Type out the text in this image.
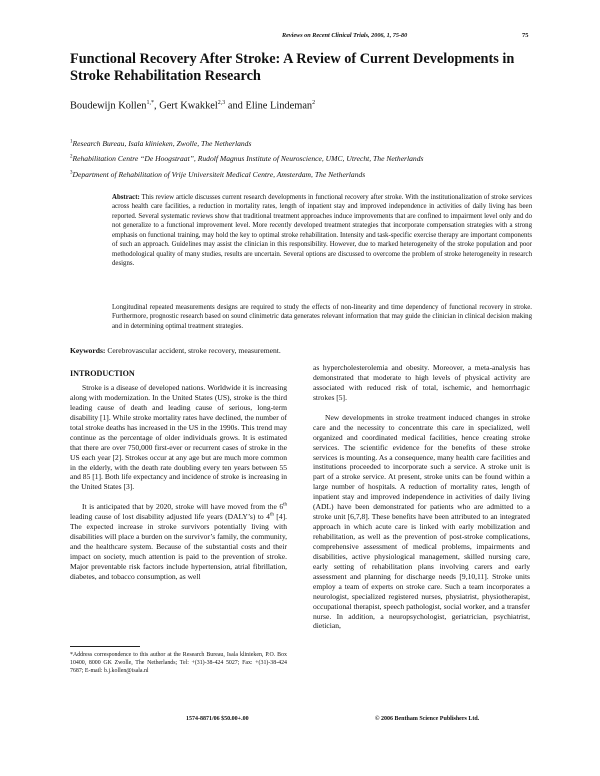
Reviews on Recent Clinical Trials, 2006, 1, 75-80	75
Functional Recovery After Stroke: A Review of Current Developments in Stroke Rehabilitation Research
Boudewijn Kollen$^{1,*}$, Gert Kwakkel$^{2,3}$ and Eline Lindeman$^2$
$^1$Research Bureau, Isala klinieken, Zwolle, The Netherlands
$^2$Rehabilitation Centre “De Hoogstraat”, Rudolf Magnus Institute of Neuroscience, UMC, Utrecht, The Netherlands
$^3$Department of Rehabilitation of Vrije Universiteit Medical Centre, Amsterdam, The Netherlands

Abstract: This review article discusses current research developments in functional recovery after stroke. With the institutionalization of stroke services across health care facilities, a reduction in mortality rates, length of inpatient stay and improved independence in activities of daily living has been reported. Several systematic reviews show that traditional treatment approaches induce improvements that are confined to impairment level only and do not generalize to a functional improvement level. More recently developed treatment strategies that incorporate compensation strategies with a strong emphasis on functional training, may hold the key to optimal stroke rehabilitation. Intensity and task-specific exercise therapy are important components of such an approach. Guidelines may assist the clinician in this responsibility. However, due to marked heterogeneity of the stroke population and poor methodological quality of many studies, results are uncertain. Several options are discussed to overcome the problem of stroke heterogeneity in research designs.

Longitudinal repeated measurements designs are required to study the effects of non-linearity and time dependency of functional recovery in stroke. Furthermore, prognostic research based on sound clinimetric data generates relevant information that may guide the clinician in clinical decision making and in determining optimal treatment strategies.

Keywords: Cerebrovascular accident, stroke recovery, measurement.
INTRODUCTION

Stroke is a disease of developed nations. Worldwide it is increasing along with modernization. In the United States (US), stroke is the third leading cause of death and leading cause of serious, long-term disability [1]. While stroke mortality rates have declined, the number of total stroke deaths has increased in the US in the 1990s. This trend may continue as the percentage of older individuals grows. It is estimated that there are over 750,000 first-ever or recurrent cases of stroke in the US each year [2]. Strokes occur at any age but are much more common in the elderly, with the death rate doubling every ten years between 55 and 85 [1]. Both life expectancy and incidence of stroke is increasing in the United States [3].

It is anticipated that by 2020, stroke will have moved from the 6th leading cause of lost disability adjusted life years (DALY’s) to 4th [4]. The expected increase in stroke survivors potentially living with disabilities will place a burden on the survivor’s family, the community, and the healthcare system. Because of the substantial costs and their impact on society, much attention is paid to the prevention of stroke. Major preventable risk factors include hypertension, atrial fibrillation, diabetes, and tobacco consumption, as well

as hypercholesterolemia and obesity. Moreover, a meta-analysis has demonstrated that moderate to high levels of physical activity are associated with reduced risk of total, ischemic, and hemorrhagic strokes [5].

New developments in stroke treatment induced changes in stroke care and the necessity to concentrate this care in specialized, well organized and coordinated medical facilities, hence creating stroke services. The scientific evidence for the benefits of these stroke services is mounting. As a consequence, many health care facilities and institutions proceeded to incorporate such a service. A stroke unit is part of a stroke service. At present, stroke units can be found within a large number of hospitals. A reduction of mortality rates, length of inpatient stay and improved independence in activities of daily living (ADL) have been demonstrated for patients who are admitted to a stroke unit [6,7,8]. These benefits have been attributed to an integrated approach in which acute care is linked with early mobilization and rehabilitation, as well as the prevention of post-stroke complications, comprehensive assessment of medical problems, impairments and disabilities, active physiological management, skilled nursing care, early setting of rehabilitation plans involving carers and early assessment and planning for discharge needs [9,10,11]. Stroke units employ a team of experts on stroke care. Such a team incorporates a neurologist, specialized registered nurses, physiatrist, physiotherapist, occupational therapist, speech pathologist, social worker, and a transfer nurse. In addition, a neuropsychologist, geriatrician, psychiatrist, dietician,

*Address correspondence to this author at the Research Bureau, Isala klinieken, P.O. Box 10400, 8000 GK Zwolle, The Netherlands; Tel: +(31)-38-424 5027; Fax: +(31)-38-424 7687; E-mail: b.j.kollen@isala.nl
1574-8871/06 $50.00+.00	© 2006 Bentham Science Publishers Ltd.
